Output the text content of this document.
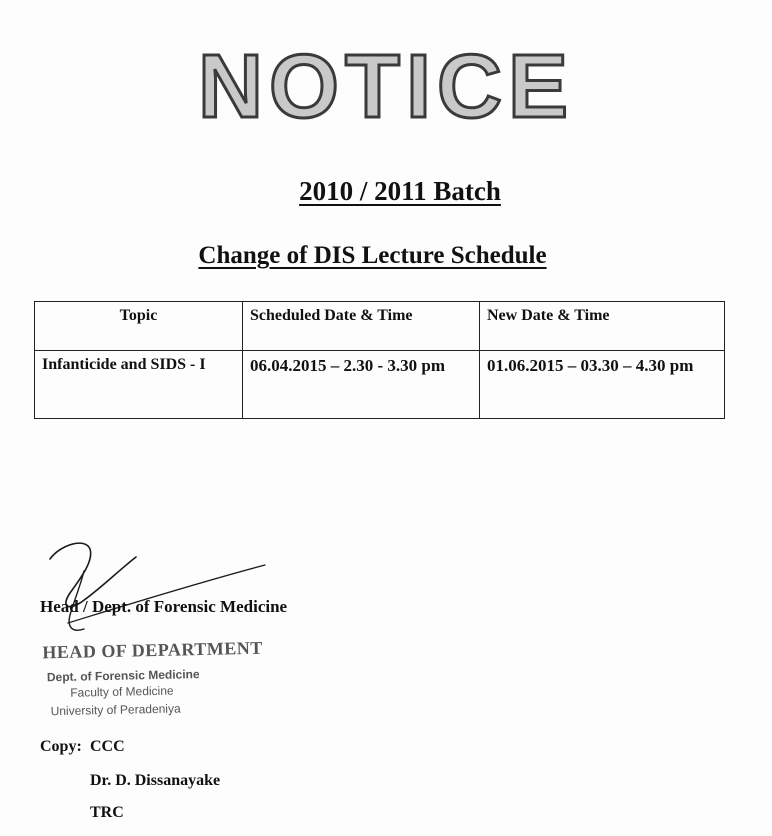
NOTICE
2010 / 2011 Batch
Change of DIS Lecture Schedule
Topic	Scheduled Date & Time	New Date & Time
Infanticide and SIDS - I	06.04.2015 – 2.30 - 3.30 pm	01.06.2015 – 03.30 – 4.30 pm
Head / Dept. of Forensic Medicine
HEAD OF DEPARTMENT
Dept. of Forensic Medicine
Faculty of Medicine
University of Peradeniya
Copy: CCC
Dr. D. Dissanayake
TRC
